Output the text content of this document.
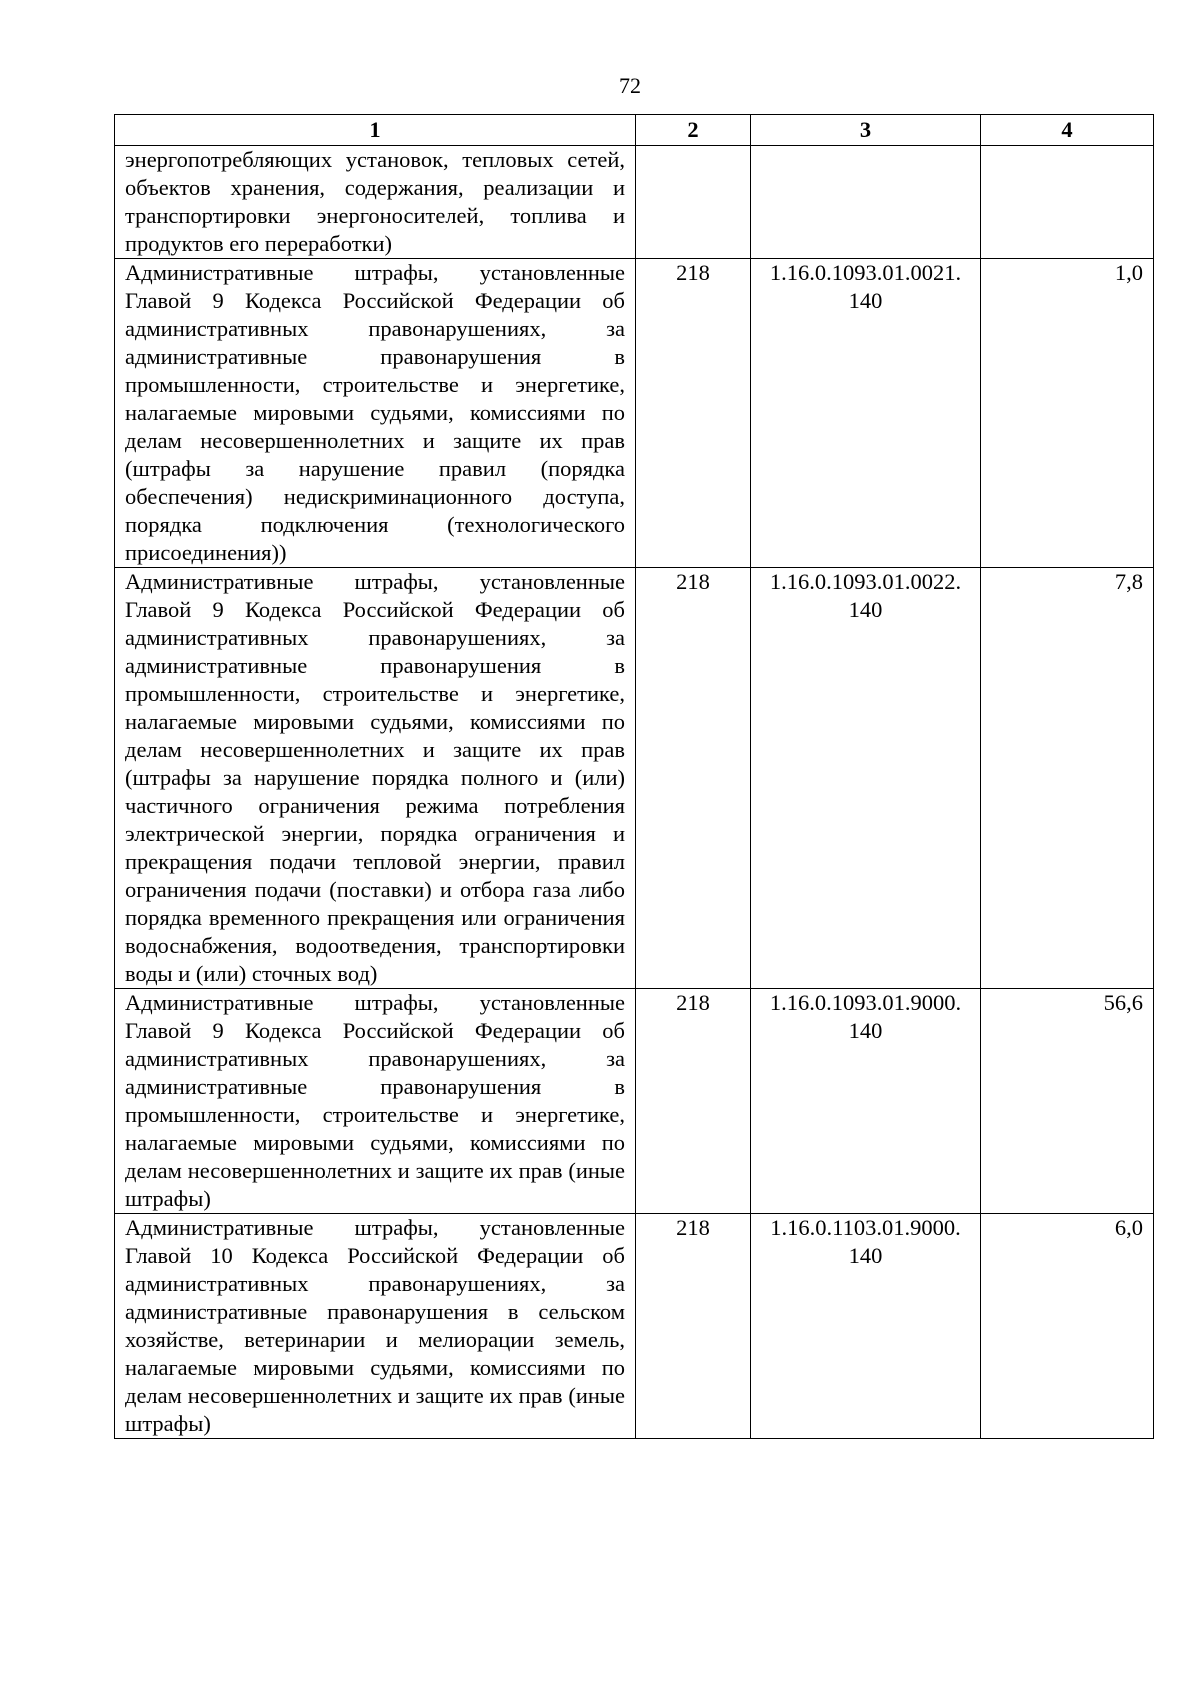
72
1	2	3	4
энергопотребляющих установок, тепловых сетей, объектов хранения, содержания, реализации и транспортировки энергоносителей, топлива и продуктов его переработки)			
Административные штрафы, установленные Главой 9 Кодекса Российской Федерации об административных правонарушениях, за административные правонарушения в промышленности, строительстве и энергетике, налагаемые мировыми судьями, комиссиями по делам несовершеннолетних и защите их прав (штрафы за нарушение правил (порядка обеспечения) недискриминационного доступа, порядка подключения (технологического присоединения))	218	1.16.0.1093.01.0021. 140	1,0
Административные штрафы, установленные Главой 9 Кодекса Российской Федерации об административных правонарушениях, за административные правонарушения в промышленности, строительстве и энергетике, налагаемые мировыми судьями, комиссиями по делам несовершеннолетних и защите их прав (штрафы за нарушение порядка полного и (или) частичного ограничения режима потребления электрической энергии, порядка ограничения и прекращения подачи тепловой энергии, правил ограничения подачи (поставки) и отбора газа либо порядка временного прекращения или ограничения водоснабжения, водоотведения, транспортировки воды и (или) сточных вод)	218	1.16.0.1093.01.0022. 140	7,8
Административные штрафы, установленные Главой 9 Кодекса Российской Федерации об административных правонарушениях, за административные правонарушения в промышленности, строительстве и энергетике, налагаемые мировыми судьями, комиссиями по делам несовершеннолетних и защите их прав (иные штрафы)	218	1.16.0.1093.01.9000. 140	56,6
Административные штрафы, установленные Главой 10 Кодекса Российской Федерации об административных правонарушениях, за административные правонарушения в сельском хозяйстве, ветеринарии и мелиорации земель, налагаемые мировыми судьями, комиссиями по делам несовершеннолетних и защите их прав (иные штрафы)	218	1.16.0.1103.01.9000. 140	6,0
